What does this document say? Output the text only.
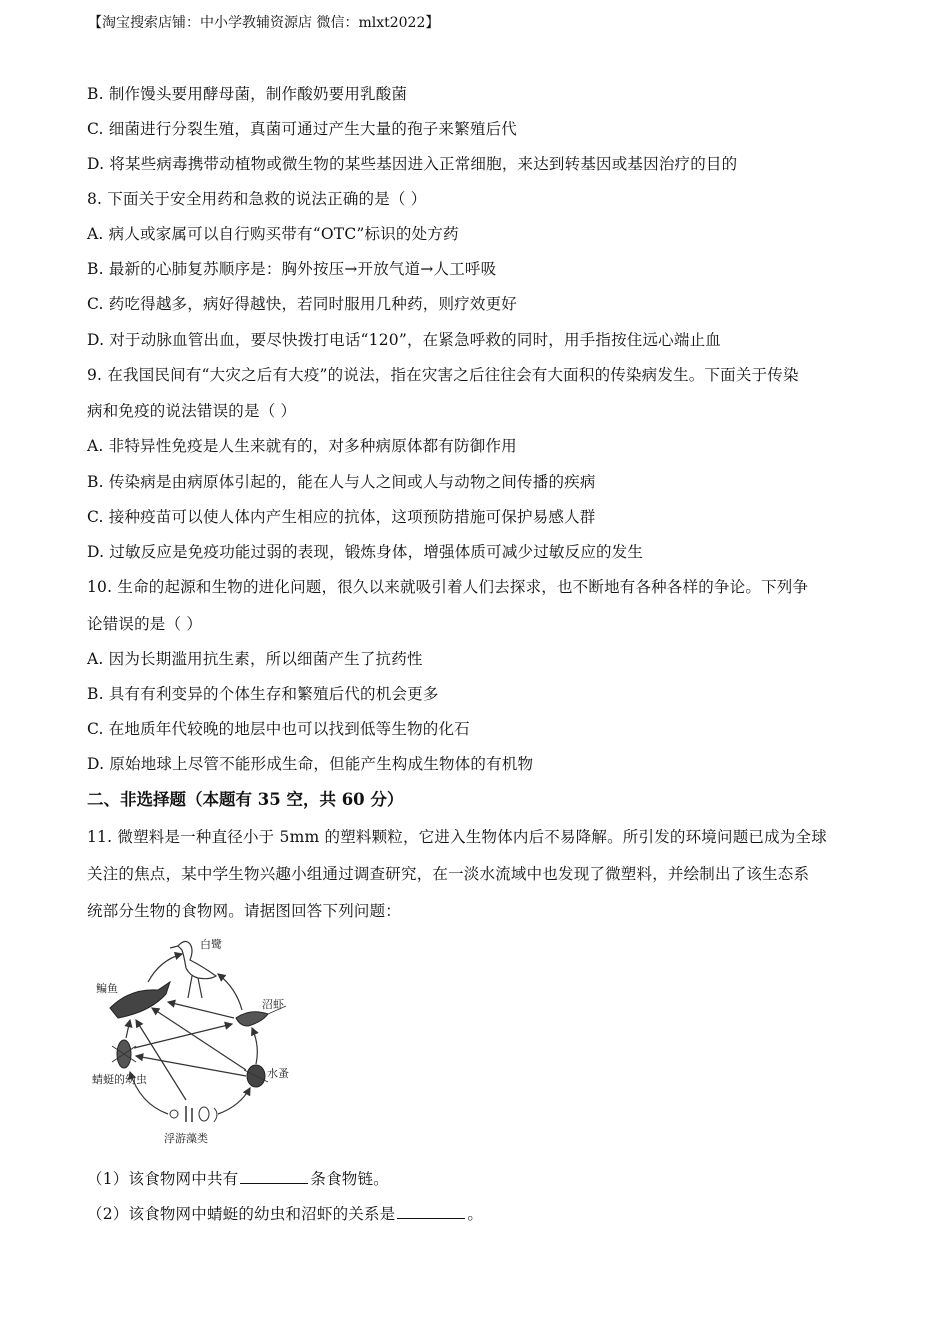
【淘宝搜索店铺：中小学教辅资源店 微信：mlxt2022】
B. 制作馒头要用酵母菌，制作酸奶要用乳酸菌
C. 细菌进行分裂生殖，真菌可通过产生大量的孢子来繁殖后代
D. 将某些病毒携带动植物或微生物的某些基因进入正常细胞，来达到转基因或基因治疗的目的
8. 下面关于安全用药和急救的说法正确的是（ ）
A. 病人或家属可以自行购买带有“OTC”标识的处方药
B. 最新的心肺复苏顺序是：胸外按压→开放气道→人工呼吸
C. 药吃得越多，病好得越快，若同时服用几种药，则疗效更好
D. 对于动脉血管出血，要尽快拨打电话“120”，在紧急呼救的同时，用手指按住远心端止血
9. 在我国民间有“大灾之后有大疫”的说法，指在灾害之后往往会有大面积的传染病发生。下面关于传染
病和免疫的说法错误的是（ ）
A. 非特异性免疫是人生来就有的，对多种病原体都有防御作用
B. 传染病是由病原体引起的，能在人与人之间或人与动物之间传播的疾病
C. 接种疫苗可以使人体内产生相应的抗体，这项预防措施可保护易感人群
D. 过敏反应是免疫功能过弱的表现，锻炼身体，增强体质可减少过敏反应的发生
10. 生命的起源和生物的进化问题，很久以来就吸引着人们去探求，也不断地有各种各样的争论。下列争
论错误的是（ ）
A. 因为长期滥用抗生素，所以细菌产生了抗药性
B. 具有有利变异的个体生存和繁殖后代的机会更多
C. 在地质年代较晚的地层中也可以找到低等生物的化石
D. 原始地球上尽管不能形成生命，但能产生构成生物体的有机物
二、非选择题（本题有 35 空，共 60 分）
11. 微塑料是一种直径小于 5mm 的塑料颗粒，它进入生物体内后不易降解。所引发的环境问题已成为全球
关注的焦点，某中学生物兴趣小组通过调查研究，在一淡水流域中也发现了微塑料，并绘制出了该生态系
统部分生物的食物网。请据图回答下列问题：
白鹭
鳊鱼
沼虾
蜻蜓的幼虫	水蚤
浮游藻类
（1）该食物网中共有	条食物链。
（2）该食物网中蜻蜓的幼虫和沼虾的关系是	。
